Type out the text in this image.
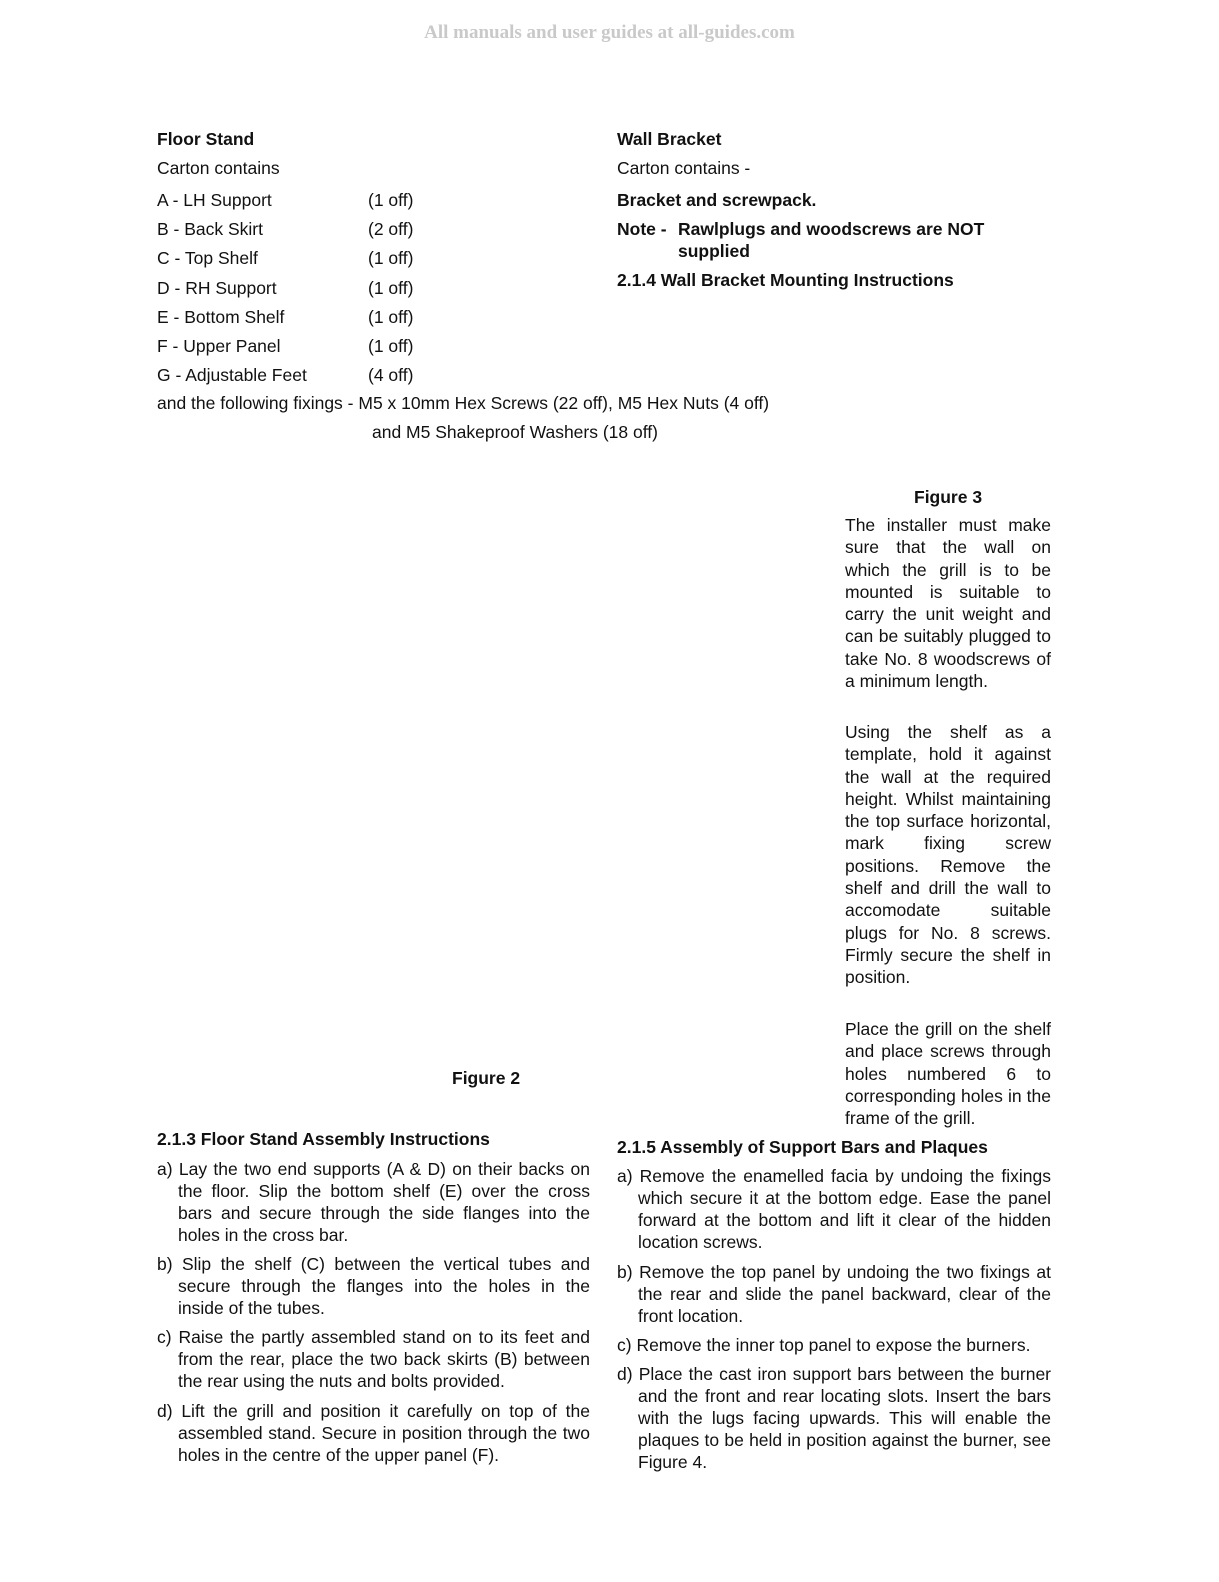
All manuals and user guides at all-guides.com
Floor Stand
Carton contains
A - LH Support	(1 off)
B - Back Skirt	(2 off)
C - Top Shelf	(1 off)
D - RH Support	(1 off)
E - Bottom Shelf	(1 off)
F - Upper Panel	(1 off)
G - Adjustable Feet	(4 off)
and the following fixings - M5 x 10mm Hex Screws (22 off), M5 Hex Nuts (4 off)
and M5 Shakeproof Washers (18 off)
Wall Bracket
Carton contains -
Bracket and screwpack.
Note - Rawlplugs and woodscrews are NOT
supplied
2.1.4 Wall Bracket Mounting Instructions
Figure 3
The installer must make sure that the wall on which the grill is to be mounted is suitable to carry the unit weight and can be suitably plugged to take No. 8 woodscrews of a minimum length.
Using the shelf as a template, hold it against the wall at the required height. Whilst maintaining the top surface horizontal, mark fixing screw positions. Remove the shelf and drill the wall to accomodate suitable plugs for No. 8 screws. Firmly secure the shelf in position.
Place the grill on the shelf and place screws through holes numbered 6 to corresponding holes in the frame of the grill.
Figure 2
2.1.3 Floor Stand Assembly Instructions
a) Lay the two end supports (A & D) on their backs on the floor. Slip the bottom shelf (E) over the cross bars and secure through the side flanges into the holes in the cross bar.
b) Slip the shelf (C) between the vertical tubes and secure through the flanges into the holes in the inside of the tubes.
c) Raise the partly assembled stand on to its feet and from the rear, place the two back skirts (B) between the rear using the nuts and bolts provided.
d) Lift the grill and position it carefully on top of the assembled stand. Secure in position through the two holes in the centre of the upper panel (F).
2.1.5 Assembly of Support Bars and Plaques
a) Remove the enamelled facia by undoing the fixings which secure it at the bottom edge. Ease the panel forward at the bottom and lift it clear of the hidden location screws.
b) Remove the top panel by undoing the two fixings at the rear and slide the panel backward, clear of the front location.
c) Remove the inner top panel to expose the burners.
d) Place the cast iron support bars between the burner and the front and rear locating slots. Insert the bars with the lugs facing upwards. This will enable the plaques to be held in position against the burner, see Figure 4.
